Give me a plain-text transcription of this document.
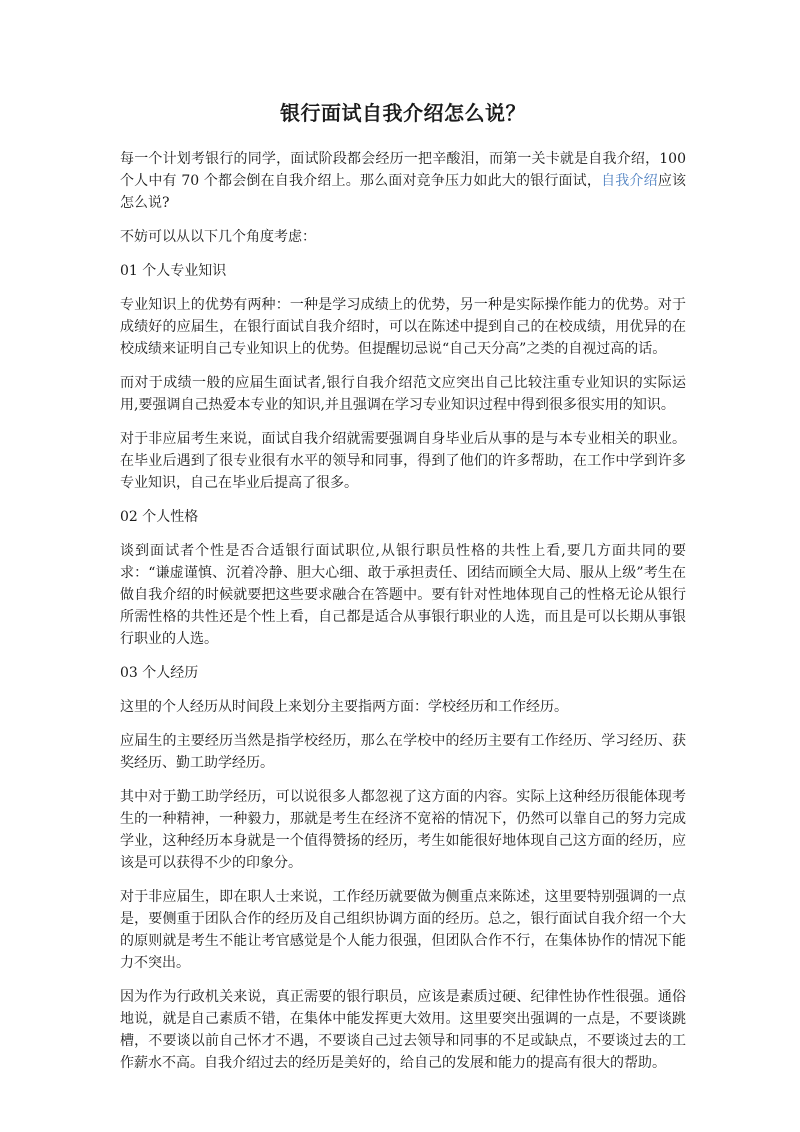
银行面试自我介绍怎么说？

每一个计划考银行的同学，面试阶段都会经历一把辛酸泪，而第一关卡就是自我介绍，100个人中有 70 个都会倒在自我介绍上。那么面对竞争压力如此大的银行面试，自我介绍应该怎么说?

不妨可以从以下几个角度考虑：

01 个人专业知识

专业知识上的优势有两种：一种是学习成绩上的优势，另一种是实际操作能力的优势。对于成绩好的应届生，在银行面试自我介绍时，可以在陈述中提到自己的在校成绩，用优异的在校成绩来证明自己专业知识上的优势。但提醒切忌说“自己天分高”之类的自视过高的话。

而对于成绩一般的应届生面试者,银行自我介绍范文应突出自己比较注重专业知识的实际运用,要强调自己热爱本专业的知识,并且强调在学习专业知识过程中得到很多很实用的知识。

对于非应届考生来说，面试自我介绍就需要强调自身毕业后从事的是与本专业相关的职业。在毕业后遇到了很专业很有水平的领导和同事，得到了他们的许多帮助，在工作中学到许多专业知识，自己在毕业后提高了很多。

02 个人性格

谈到面试者个性是否合适银行面试职位,从银行职员性格的共性上看,要几方面共同的要求：“谦虚谨慎、沉着冷静、胆大心细、敢于承担责任、团结而顾全大局、服从上级”考生在做自我介绍的时候就要把这些要求融合在答题中。要有针对性地体现自己的性格无论从银行所需性格的共性还是个性上看，自己都是适合从事银行职业的人选，而且是可以长期从事银行职业的人选。

03 个人经历

这里的个人经历从时间段上来划分主要指两方面：学校经历和工作经历。

应届生的主要经历当然是指学校经历，那么在学校中的经历主要有工作经历、学习经历、获奖经历、勤工助学经历。

其中对于勤工助学经历，可以说很多人都忽视了这方面的内容。实际上这种经历很能体现考生的一种精神，一种毅力，那就是考生在经济不宽裕的情况下，仍然可以靠自己的努力完成学业，这种经历本身就是一个值得赞扬的经历，考生如能很好地体现自己这方面的经历，应该是可以获得不少的印象分。

对于非应届生，即在职人士来说，工作经历就要做为侧重点来陈述，这里要特别强调的一点是，要侧重于团队合作的经历及自己组织协调方面的经历。总之，银行面试自我介绍一个大的原则就是考生不能让考官感觉是个人能力很强，但团队合作不行，在集体协作的情况下能力不突出。

因为作为行政机关来说，真正需要的银行职员，应该是素质过硬、纪律性协作性很强。通俗地说，就是自己素质不错，在集体中能发挥更大效用。这里要突出强调的一点是，不要谈跳槽，不要谈以前自己怀才不遇，不要谈自己过去领导和同事的不足或缺点，不要谈过去的工作薪水不高。自我介绍过去的经历是美好的，给自己的发展和能力的提高有很大的帮助。
